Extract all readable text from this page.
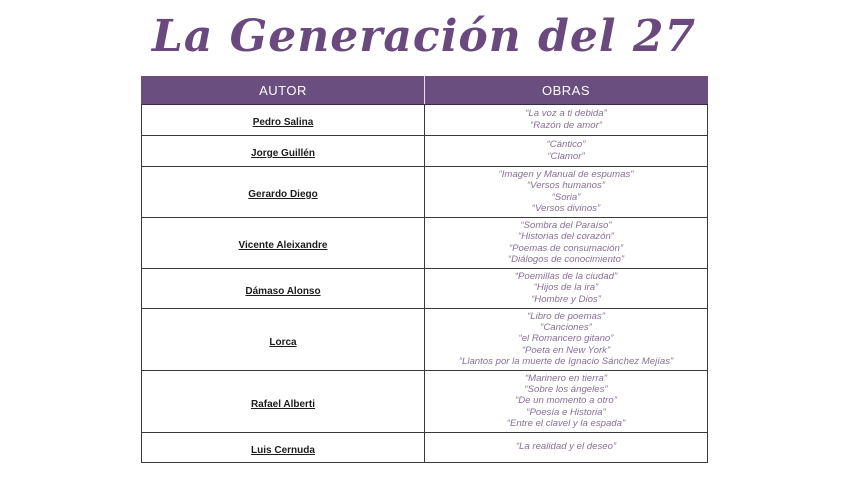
La Generación del 27
AUTOR	OBRAS
Pedro Salina	“La voz a ti debida”
“Razón de amor”

Jorge Guillén	“Cántico”
“Clamor”

Gerardo Diego	“Imagen y Manual de espumas”
“Versos humanos”
“Soria”
“Versos divinos”

Vicente Aleixandre	“Sombra del Paraíso”
“Historias del corazón”
“Poemas de consumación”
“Diálogos de conocimiento”

Dámaso Alonso	“Poemillas de la ciudad”
“Hijos de la ira”
“Hombre y Dios”

Lorca	“Libro de poemas”
“Canciones”
“el Romancero gitano”
“Poeta en New York”
“Llantos por la muerte de Ignacio Sánchez Mejías”

Rafael Alberti	“Marinero en tierra”
“Sobre los ángeles”
“De un momento a otro”
“Poesía e Historia”
“Entre el clavel y la espada”

Luis Cernuda	“La realidad y el deseo”
